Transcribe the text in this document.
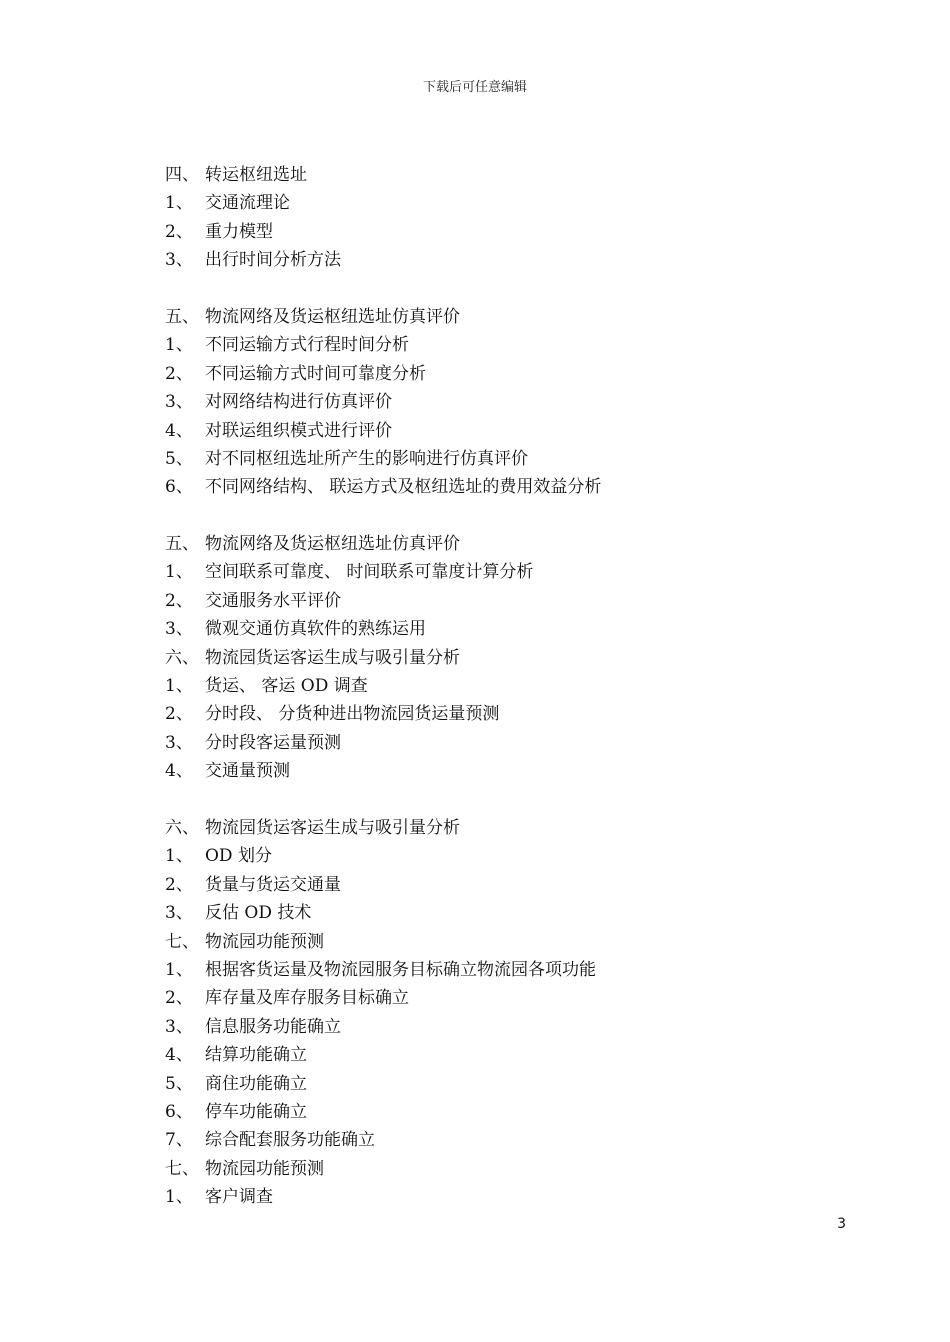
下载后可任意编辑
四、 转运枢纽选址
1、 交通流理论
2、 重力模型
3、 出行时间分析方法
五、 物流网络及货运枢纽选址仿真评价
1、 不同运输方式行程时间分析
2、 不同运输方式时间可靠度分析
3、 对网络结构进行仿真评价
4、 对联运组织模式进行评价
5、 对不同枢纽选址所产生的影响进行仿真评价
6、 不同网络结构、 联运方式及枢纽选址的费用效益分析
五、 物流网络及货运枢纽选址仿真评价
1、 空间联系可靠度、 时间联系可靠度计算分析
2、 交通服务水平评价
3、 微观交通仿真软件的熟练运用
六、 物流园货运客运生成与吸引量分析
1、 货运、 客运 OD 调查
2、 分时段、 分货种进出物流园货运量预测
3、 分时段客运量预测
4、 交通量预测
六、 物流园货运客运生成与吸引量分析
1、 OD 划分
2、 货量与货运交通量
3、 反估 OD 技术
七、 物流园功能预测
1、 根据客货运量及物流园服务目标确立物流园各项功能
2、 库存量及库存服务目标确立
3、 信息服务功能确立
4、 结算功能确立
5、 商住功能确立
6、 停车功能确立
7、 综合配套服务功能确立
七、 物流园功能预测
1、 客户调查
3
